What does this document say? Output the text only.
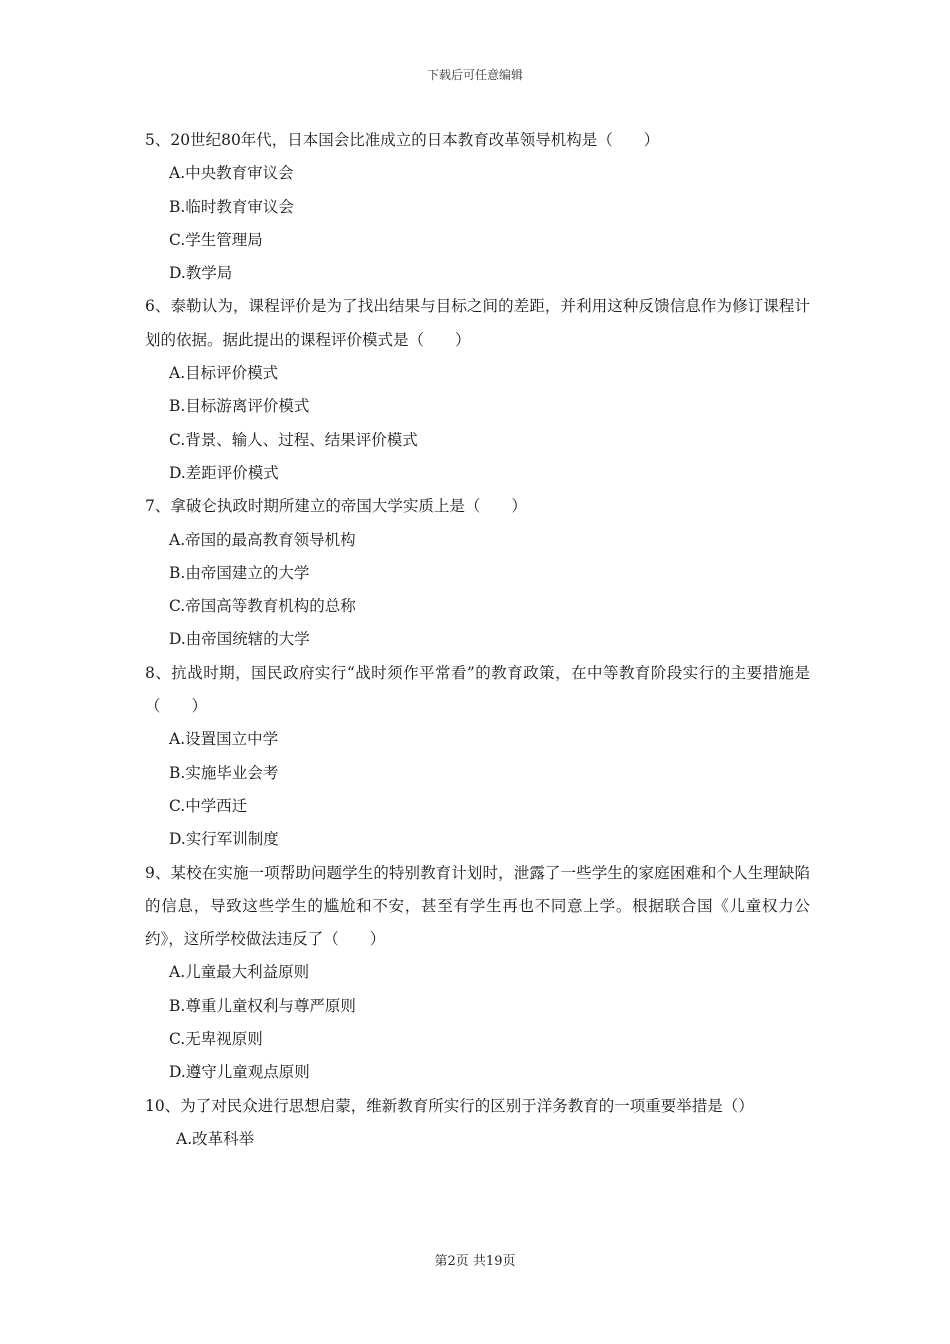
下载后可任意编辑

5、20世纪80年代，日本国会比准成立的日本教育改革领导机构是（　　）

A.中央教育审议会

B.临时教育审议会

C.学生管理局

D.教学局

6、泰勒认为，课程评价是为了找出结果与目标之间的差距，并利用这种反馈信息作为修订课程计划的依据。据此提出的课程评价模式是（　　）

A.目标评价模式

B.目标游离评价模式

C.背景、输人、过程、结果评价模式

D.差距评价模式

7、拿破仑执政时期所建立的帝国大学实质上是（　　）

A.帝国的最高教育领导机构

B.由帝国建立的大学

C.帝国高等教育机构的总称

D.由帝国统辖的大学

8、抗战时期，国民政府实行“战时须作平常看”的教育政策，在中等教育阶段实行的主要措施是（　　）

A.设置国立中学

B.实施毕业会考

C.中学西迁

D.实行军训制度

9、某校在实施一项帮助问题学生的特别教育计划时，泄露了一些学生的家庭困难和个人生理缺陷的信息，导致这些学生的尴尬和不安，甚至有学生再也不同意上学。根据联合国《儿童权力公约》，这所学校做法违反了（　　）

A.儿童最大利益原则

B.尊重儿童权利与尊严原则

C.无卑视原则

D.遵守儿童观点原则

10、为了对民众进行思想启蒙，维新教育所实行的区别于洋务教育的一项重要举措是（）

A.改革科举

第2页 共19页
